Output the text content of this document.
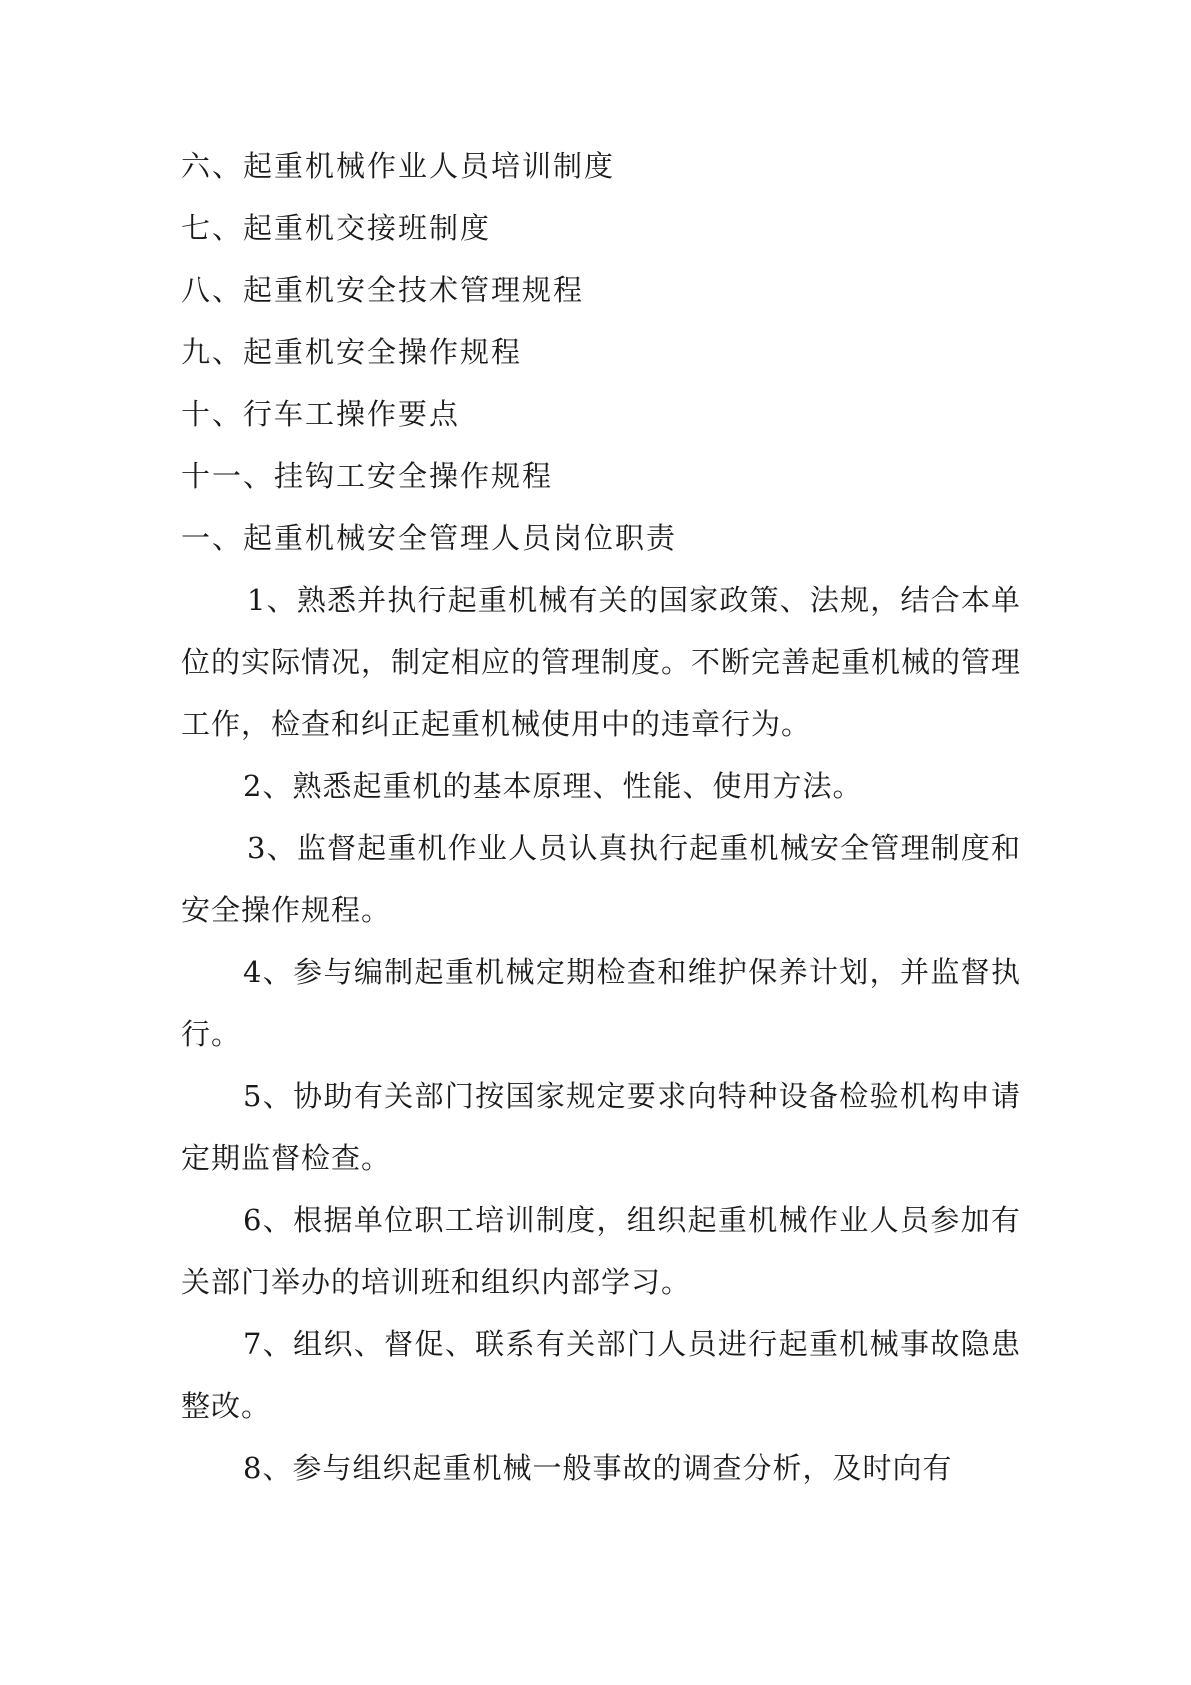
六、起重机械作业人员培训制度
七、起重机交接班制度
八、起重机安全技术管理规程
九、起重机安全操作规程
十、行车工操作要点
十一、挂钩工安全操作规程
一、起重机械安全管理人员岗位职责

1、熟悉并执行起重机械有关的国家政策、法规，结合本单位的实际情况，制定相应的管理制度。不断完善起重机械的管理工作，检查和纠正起重机械使用中的违章行为。

2、熟悉起重机的基本原理、性能、使用方法。

3、监督起重机作业人员认真执行起重机械安全管理制度和安全操作规程。

4、参与编制起重机械定期检查和维护保养计划，并监督执行。

5、协助有关部门按国家规定要求向特种设备检验机构申请定期监督检查。

6、根据单位职工培训制度，组织起重机械作业人员参加有关部门举办的培训班和组织内部学习。

7、组织、督促、联系有关部门人员进行起重机械事故隐患整改。

8、参与组织起重机械一般事故的调查分析，及时向有
